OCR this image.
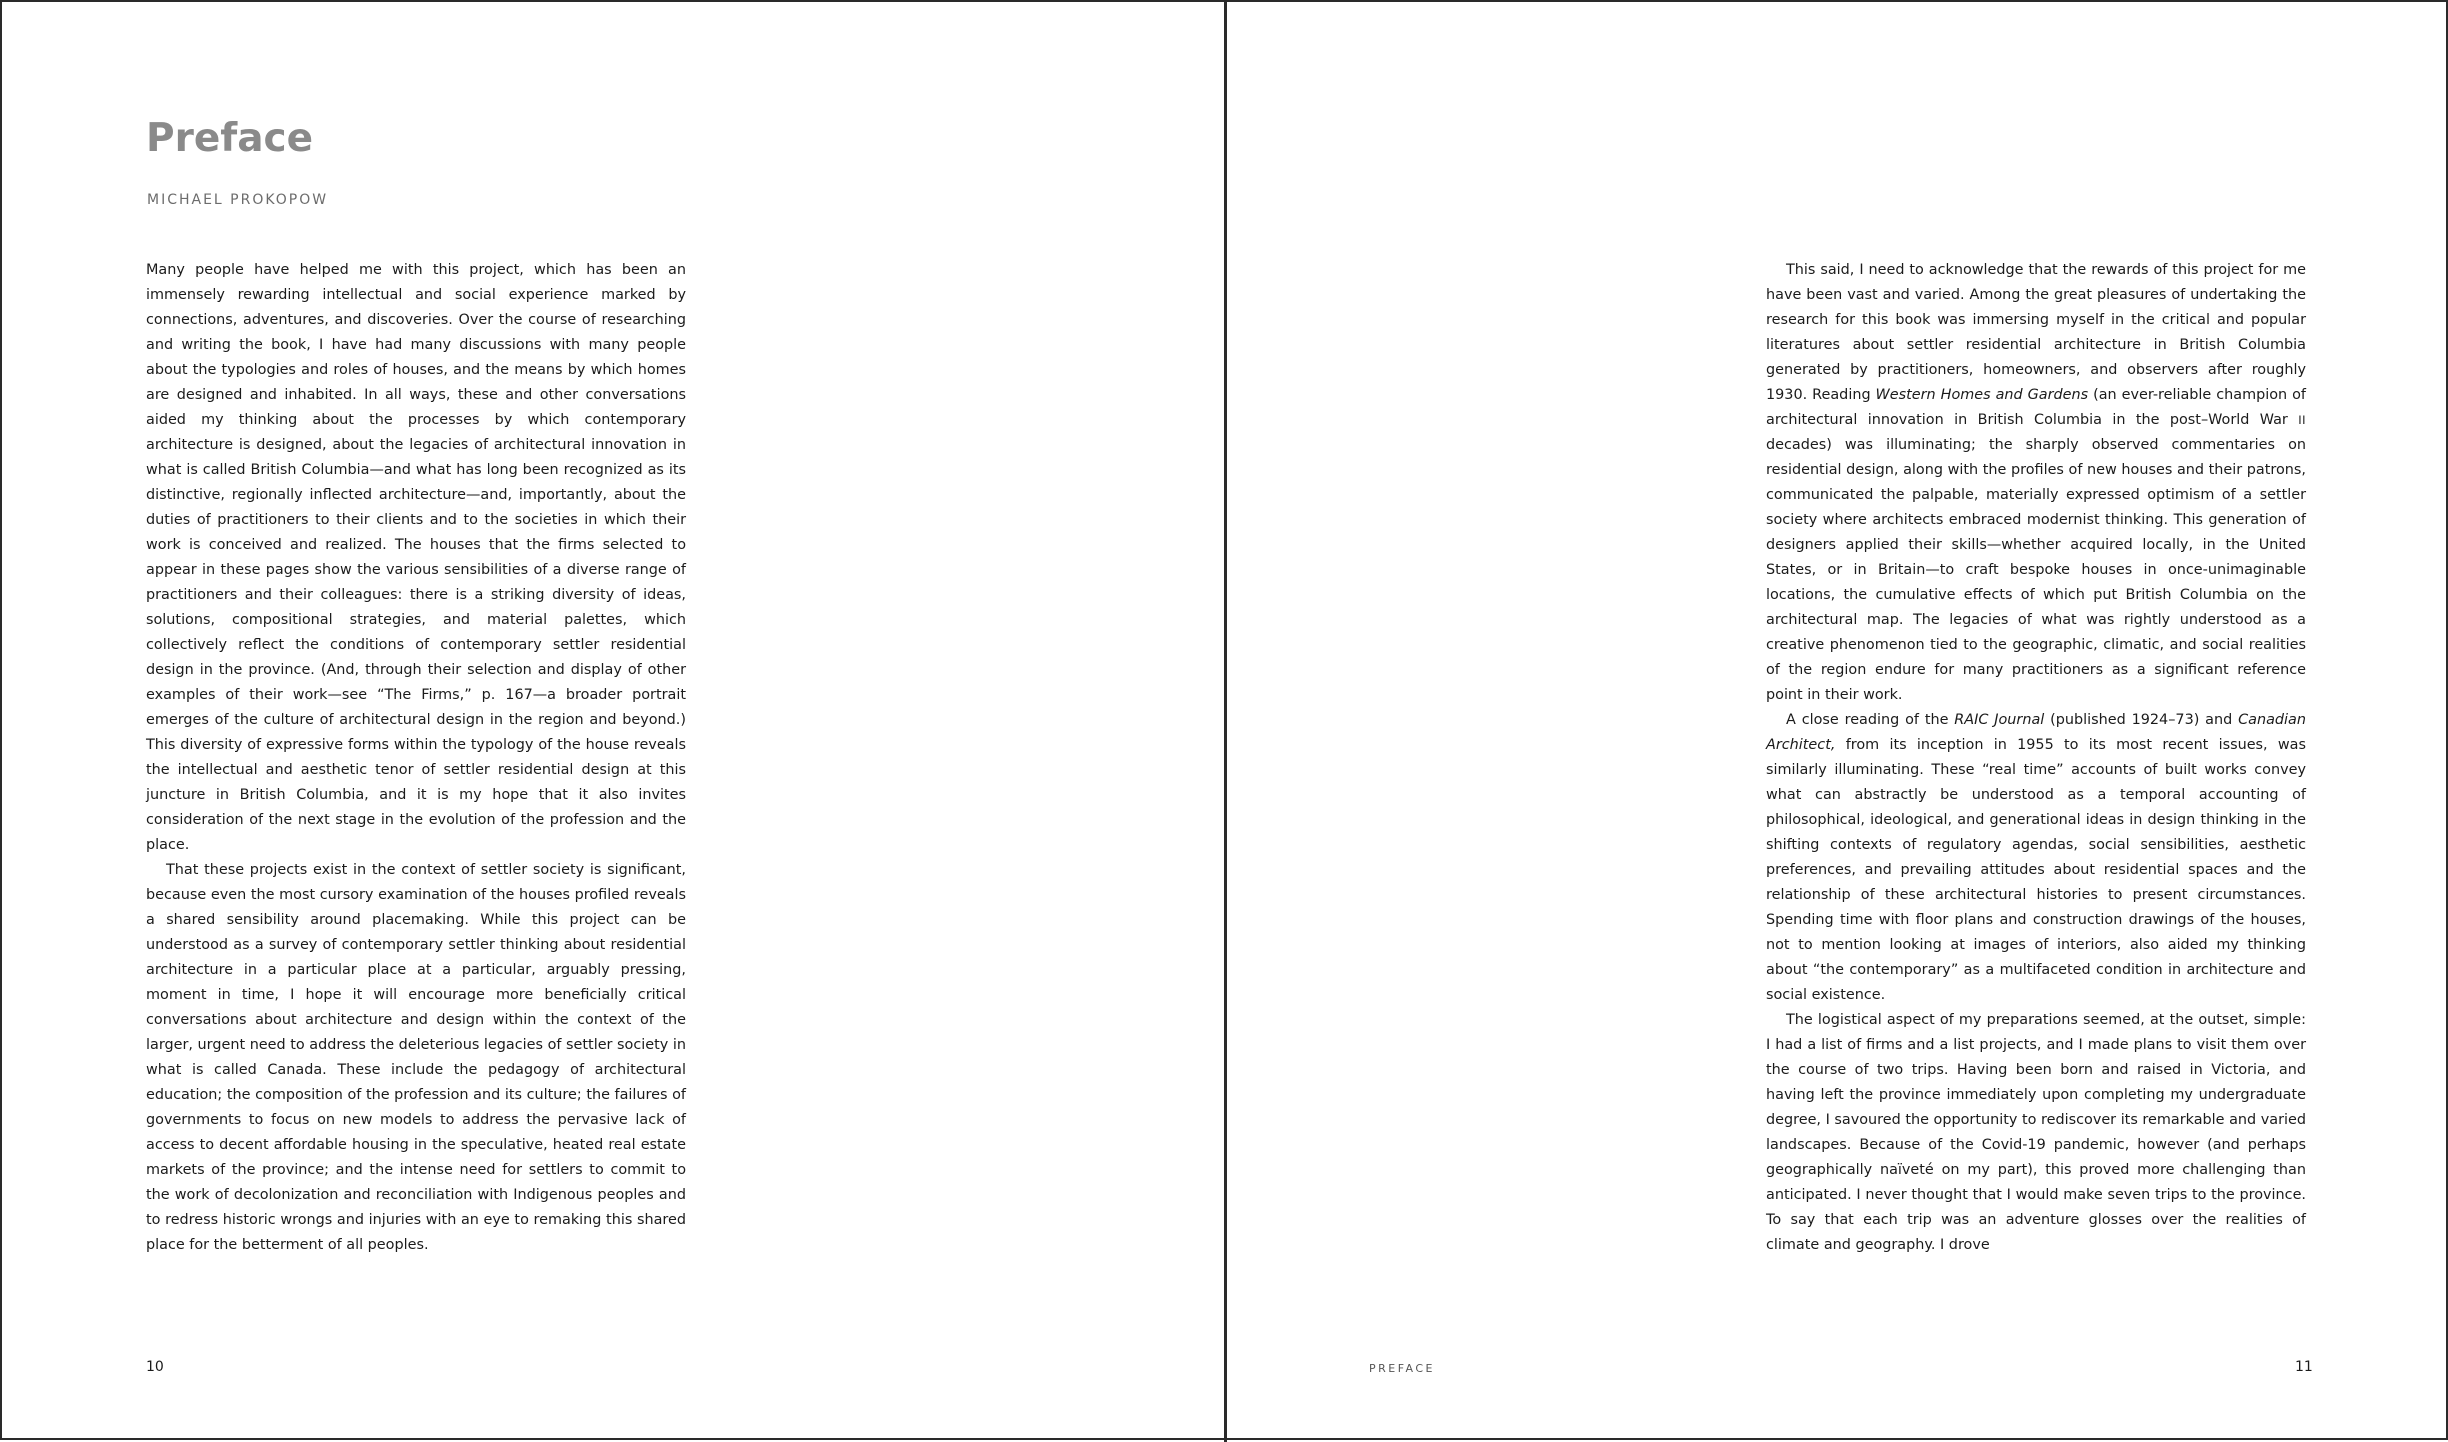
Preface
MICHAEL PROKOPOW

Many people have helped me with this project, which has been an immensely rewarding intellectual and social experience marked by connections, adventures, and discoveries. Over the course of researching and writing the book, I have had many discussions with many people about the typologies and roles of houses, and the means by which homes are designed and inhabited. In all ways, these and other conversations aided my thinking about the processes by which contemporary architecture is designed, about the legacies of architectural innovation in what is called British Columbia—and what has long been recognized as its distinctive, regionally inflected architecture—and, importantly, about the duties of practitioners to their clients and to the societies in which their work is conceived and realized. The houses that the firms selected to appear in these pages show the various sensibilities of a diverse range of practitioners and their colleagues: there is a striking diversity of ideas, solutions, compositional strategies, and material palettes, which collectively reflect the conditions of contemporary settler residential design in the province. (And, through their selection and display of other examples of their work—see “The Firms,” p. 167—a broader portrait emerges of the culture of architectural design in the region and beyond.) This diversity of expressive forms within the typology of the house reveals the intellectual and aesthetic tenor of settler residential design at this juncture in British Columbia, and it is my hope that it also invites consideration of the next stage in the evolution of the profession and the place.

That these projects exist in the context of settler society is significant, because even the most cursory examination of the houses profiled reveals a shared sensibility around placemaking. While this project can be understood as a survey of contemporary settler thinking about residential architecture in a particular place at a particular, arguably pressing, moment in time, I hope it will encourage more beneficially critical conversations about architecture and design within the context of the larger, urgent need to address the deleterious legacies of settler society in what is called Canada. These include the pedagogy of architectural education; the composition of the profession and its culture; the failures of governments to focus on new models to address the pervasive lack of access to decent affordable housing in the speculative, heated real estate markets of the province; and the intense need for settlers to commit to the work of decolonization and reconciliation with Indigenous peoples and to redress historic wrongs and injuries with an eye to remaking this shared place for the betterment of all peoples.

10

This said, I need to acknowledge that the rewards of this project for me have been vast and varied. Among the great pleasures of undertaking the research for this book was immersing myself in the critical and popular literatures about settler residential architecture in British Columbia generated by practitioners, homeowners, and observers after roughly 1930. Reading Western Homes and Gardens (an ever-reliable champion of architectural innovation in British Columbia in the post–World War II decades) was illuminating; the sharply observed commentaries on residential design, along with the profiles of new houses and their patrons, communicated the palpable, materially expressed optimism of a settler society where architects embraced modernist thinking. This generation of designers applied their skills—whether acquired locally, in the United States, or in Britain—to craft bespoke houses in once-unimaginable locations, the cumulative effects of which put British Columbia on the architectural map. The legacies of what was rightly understood as a creative phenomenon tied to the geographic, climatic, and social realities of the region endure for many practitioners as a significant reference point in their work.

A close reading of the RAIC Journal (published 1924–73) and Canadian Architect, from its inception in 1955 to its most recent issues, was similarly illuminating. These “real time” accounts of built works convey what can abstractly be understood as a temporal accounting of philosophical, ideological, and generational ideas in design thinking in the shifting contexts of regulatory agendas, social sensibilities, aesthetic preferences, and prevailing attitudes about residential spaces and the relationship of these architectural histories to present circumstances. Spending time with floor plans and construction drawings of the houses, not to mention looking at images of interiors, also aided my thinking about “the contemporary” as a multifaceted condition in architecture and social existence.

The logistical aspect of my preparations seemed, at the outset, simple: I had a list of firms and a list projects, and I made plans to visit them over the course of two trips. Having been born and raised in Victoria, and having left the province immediately upon completing my undergraduate degree, I savoured the opportunity to rediscover its remarkable and varied landscapes. Because of the Covid-19 pandemic, however (and perhaps geographically naïveté on my part), this proved more challenging than anticipated. I never thought that I would make seven trips to the province. To say that each trip was an adventure glosses over the realities of climate and geography. I drove

PREFACE	11
